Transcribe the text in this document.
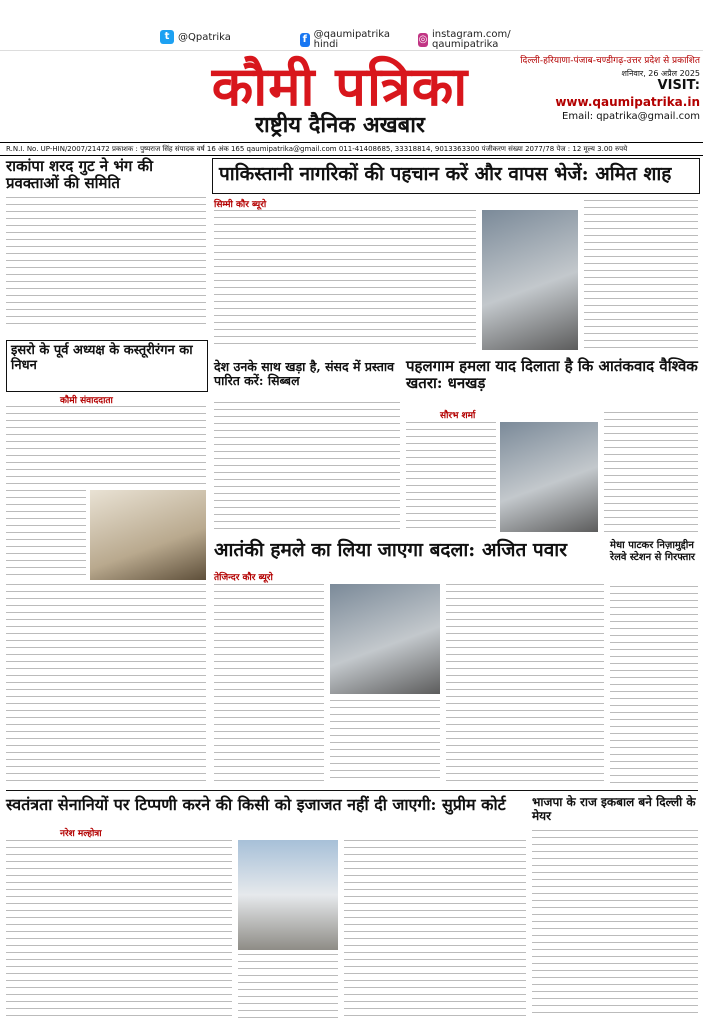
t @Qpatrika	f @qaumipatrika hindi	◎ instagram.com/ qaumipatrika
कौमी पत्रिका
राष्ट्रीय दैनिक अखबार
दिल्ली-हरियाणा-पंजाब-चण्डीगढ़-उत्तर प्रदेश से प्रकाशित
शनिवार, 26 अप्रैल 2025
VISIT:
www.qaumipatrika.in
Email: qpatrika@gmail.com
R.N.I. No. UP-HIN/2007/21472 प्रकाशक : पुष्पराज सिंह संपादक वर्ष 16 अंक 165 qaumipatrika@gmail.com 011-41408685, 33318814, 9013363300 पंजीकरण संख्या 2077/78 पेज : 12 मूल्य 3.00 रुपये
राकांपा शरद गुट ने भंग की प्रवक्ताओं की समिति	पाकिस्तानी नागरिकों की पहचान करें और वापस भेजें: अमित शाह
सिम्मी कौर ब्यूरो
इसरो के पूर्व अध्यक्ष के कस्तूरीरंगन का निधन
कौमी संवाददाता
देश उनके साथ खड़ा है, संसद में प्रस्ताव पारित करें: सिब्बल
पहलगाम हमला याद दिलाता है कि आतंकवाद वैश्विक खतरा: धनखड़
सौरभ शर्मा
आतंकी हमले का लिया जाएगा बदला: अजित पवार
तेजिन्दर कौर ब्यूरो
मेधा पाटकर निज़ामुद्दीन रेलवे स्टेशन से गिरफ्तार
स्वतंत्रता सेनानियों पर टिप्पणी करने की किसी को इजाजत नहीं दी जाएगी: सुप्रीम कोर्ट
नरेश मल्होत्रा
भाजपा के राज इकबाल बने दिल्ली के मेयर
